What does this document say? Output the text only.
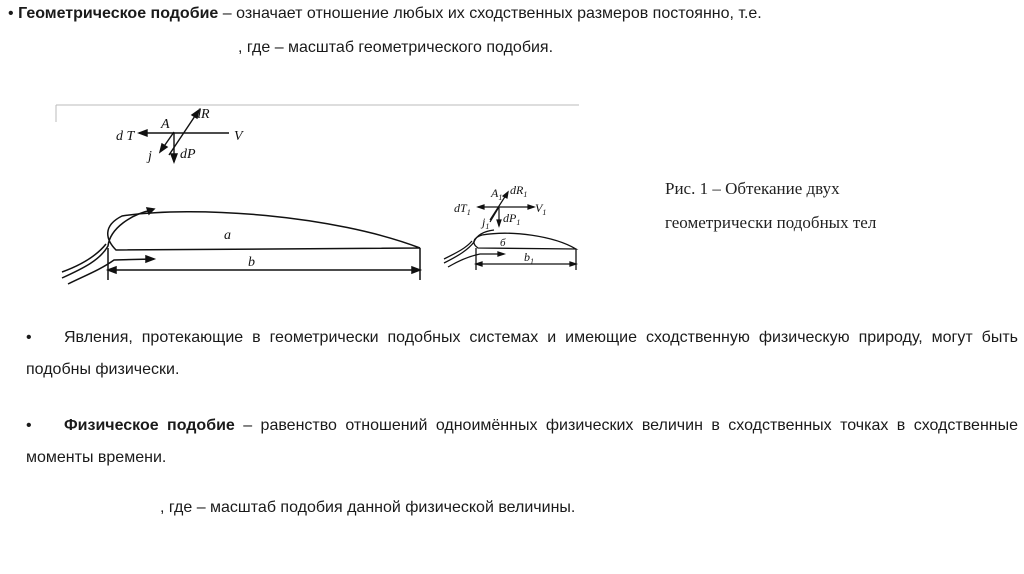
• Геометрическое подобие – означает отношение любых их сходственных размеров постоянно, т.е.
, где – масштаб геометрического подобия.
d T
A
dR
V
j dP
a
b
$dT_1$
$A_1$
$dR_1$
$V_1$
$j_1$
$dP_1$
б
$b_1$
Рис. 1 – Обтекание двух
геометрически подобных тел
• Явления, протекающие в геометрически подобных системах и имеющие сходственную физическую природу, могут быть подобны физически.
• Физическое подобие – равенство отношений одноимённых физических величин в сходственных точках в сходственные моменты времени.
, где – масштаб подобия данной физической величины.
